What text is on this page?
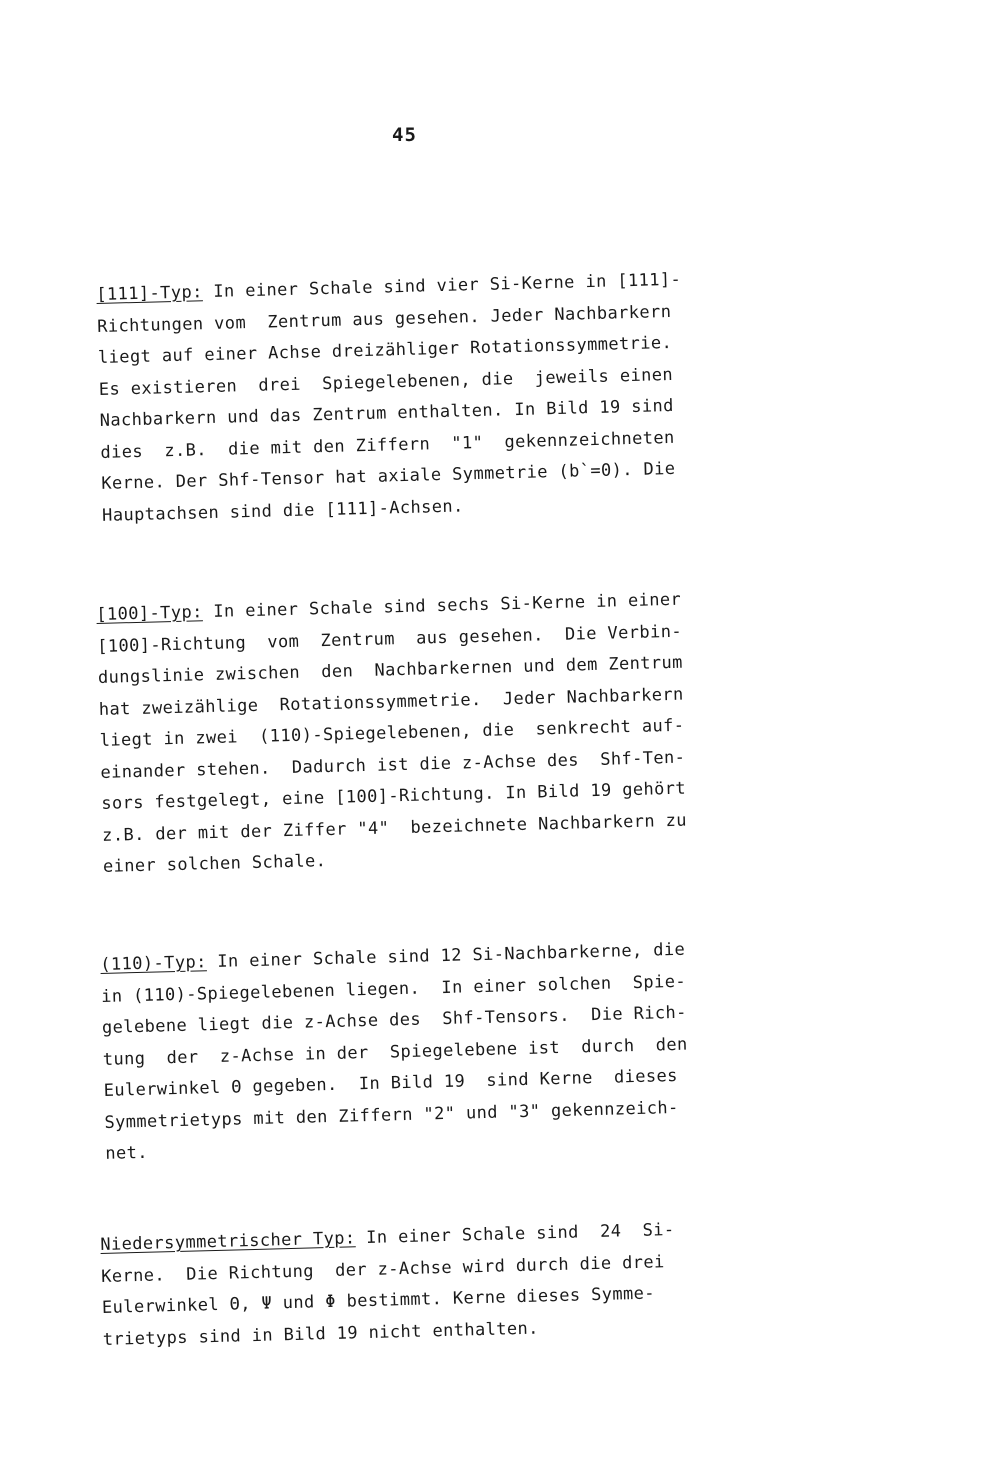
45
[111]-Typ: In einer Schale sind vier Si-Kerne in [111]-
Richtungen vom  Zentrum aus gesehen. Jeder Nachbarkern
liegt auf einer Achse dreizähliger Rotationssymmetrie.
Es existieren  drei  Spiegelebenen, die  jeweils einen
Nachbarkern und das Zentrum enthalten. In Bild 19 sind
dies  z.B.  die mit den Ziffern  "1"  gekennzeichneten
Kerne. Der Shf-Tensor hat axiale Symmetrie (b`=0). Die
Hauptachsen sind die [111]-Achsen.
[100]-Typ: In einer Schale sind sechs Si-Kerne in einer
[100]-Richtung  vom  Zentrum  aus gesehen.  Die Verbin-
dungslinie zwischen  den  Nachbarkernen und dem Zentrum
hat zweizählige  Rotationssymmetrie.  Jeder Nachbarkern
liegt in zwei  (110)-Spiegelebenen, die  senkrecht auf-
einander stehen.  Dadurch ist die z-Achse des  Shf-Ten-
sors festgelegt, eine [100]-Richtung. In Bild 19 gehört
z.B. der mit der Ziffer "4"  bezeichnete Nachbarkern zu
einer solchen Schale.
(110)-Typ: In einer Schale sind 12 Si-Nachbarkerne, die
in (110)-Spiegelebenen liegen.  In einer solchen  Spie-
gelebene liegt die z-Achse des  Shf-Tensors.  Die Rich-
tung  der  z-Achse in der  Spiegelebene ist  durch  den
Eulerwinkel Θ gegeben.  In Bild 19  sind Kerne  dieses
Symmetrietyps mit den Ziffern "2" und "3" gekennzeich-
net.
Niedersymmetrischer Typ: In einer Schale sind  24  Si-
Kerne.  Die Richtung  der z-Achse wird durch die drei
Eulerwinkel Θ, Ψ und Φ bestimmt. Kerne dieses Symme-
trietyps sind in Bild 19 nicht enthalten.
